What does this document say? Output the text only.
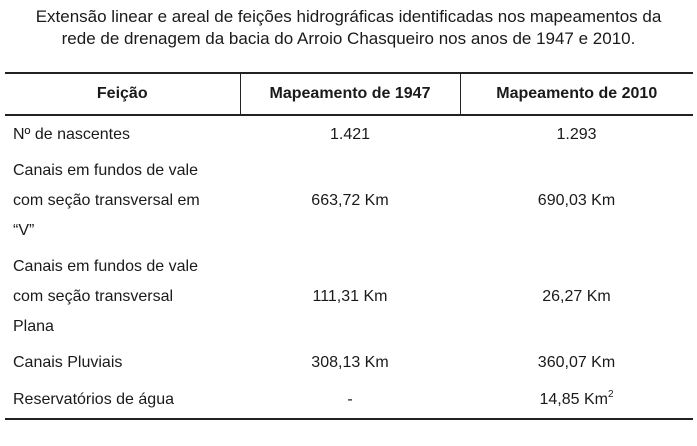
Extensão linear e areal de feições hidrográficas identificadas nos mapeamentos da
rede de drenagem da bacia do Arroio Chasqueiro nos anos de 1947 e 2010.
Feição	Mapeamento de 1947	Mapeamento de 2010
Nº de nascentes	1.421	1.293

Canais em fundos de vale
com seção transversal em
“V”	663,72 Km	690,03 Km

Canais em fundos de vale
com seção transversal
Plana	111,31 Km	26,27 Km
Canais Pluviais	308,13 Km	360,07 Km
Reservatórios de água	-	14,85 Km$^2$
